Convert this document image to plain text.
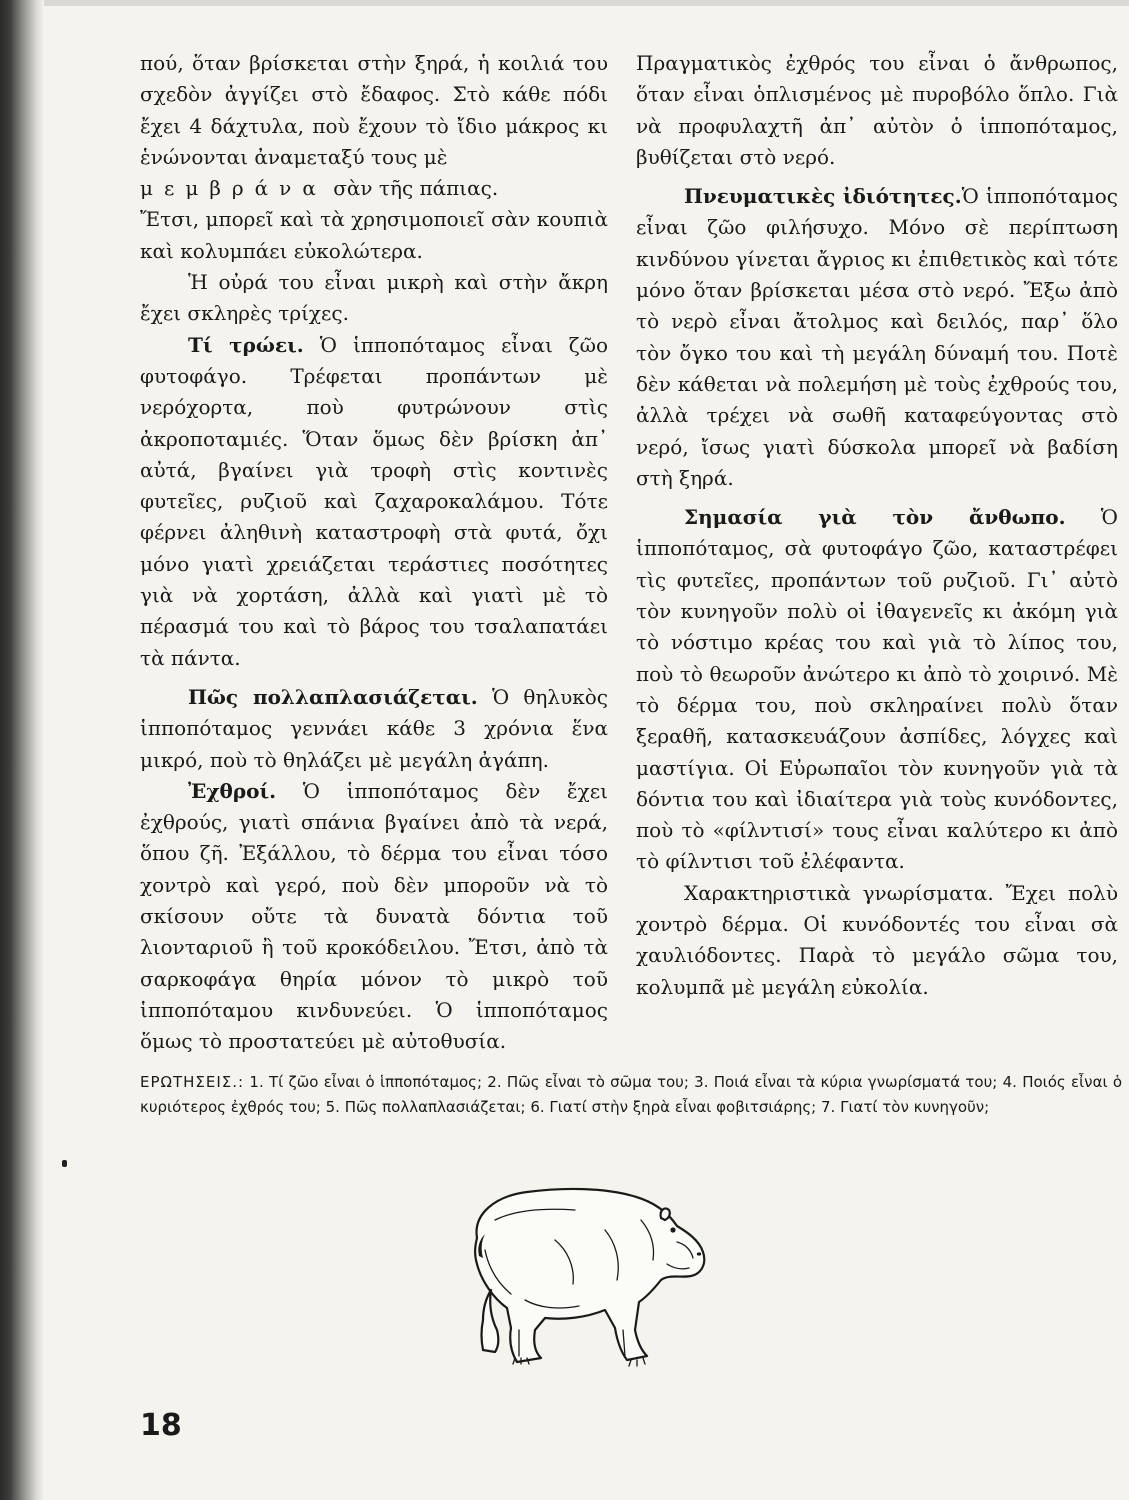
πού, ὅταν βρίσκεται στὴν ξηρά, ἡ κοιλιά του σχεδὸν ἀγγίζει στὸ ἔδαφος. Στὸ κάθε πόδι ἔχει 4 δάχτυλα, ποὺ ἔχουν τὸ ἴδιο μάκρος κι ἑνώνονται ἀναμεταξύ τους μὲ

μεμβράνα σὰν τῆς πάπιας.

Ἔτσι, μπορεῖ καὶ τὰ χρησιμοποιεῖ σὰν κουπιὰ καὶ κολυμπάει εὐκολώτερα.

Ἡ οὐρά του εἶναι μικρὴ καὶ στὴν ἄκρη ἔχει σκληρὲς τρίχες.

Τί τρώει. Ὁ ἱπποπόταμος εἶναι ζῶο φυτοφάγο. Τρέφεται προπάντων μὲ νερόχορτα, ποὺ φυτρώνουν στὶς ἀκροποταμιές. Ὅταν ὅμως δὲν βρίσκη ἀπ᾽ αὐτά, βγαίνει γιὰ τροφὴ στὶς κοντινὲς φυτεῖες, ρυζιοῦ καὶ ζαχαροκαλάμου. Τότε φέρνει ἀληθινὴ καταστροφὴ στὰ φυτά, ὄχι μόνο γιατὶ χρειάζεται τεράστιες ποσότητες γιὰ νὰ χορτάση, ἀλλὰ καὶ γιατὶ μὲ τὸ πέρασμά του καὶ τὸ βάρος του τσαλαπατάει τὰ πάντα.

Πῶς πολλαπλασιάζεται. Ὁ θηλυκὸς ἱπποπόταμος γεννάει κάθε 3 χρόνια ἕνα μικρό, ποὺ τὸ θηλάζει μὲ μεγάλη ἀγάπη.

Ἐχθροί. Ὁ ἱπποπόταμος δὲν ἔχει ἐχθρούς, γιατὶ σπάνια βγαίνει ἀπὸ τὰ νερά, ὅπου ζῆ. Ἐξάλλου, τὸ δέρμα του εἶναι τόσο χοντρὸ καὶ γερό, ποὺ δὲν μποροῦν νὰ τὸ σκίσουν οὔτε τὰ δυνατὰ δόντια τοῦ λιονταριοῦ ἢ τοῦ κροκόδειλου. Ἔτσι, ἀπὸ τὰ σαρκοφάγα θηρία μόνον τὸ μικρὸ τοῦ ἱπποπόταμου κινδυνεύει. Ὁ ἱπποπόταμος ὅμως τὸ προστατεύει μὲ αὐτοθυσία.

Πραγματικὸς ἐχθρός του εἶναι ὁ ἄνθρωπος, ὅταν εἶναι ὁπλισμένος μὲ πυροβόλο ὅπλο. Γιὰ νὰ προφυλαχτῆ ἀπ᾽ αὐτὸν ὁ ἱπποπόταμος, βυθίζεται στὸ νερό.

Πνευματικὲς ἰδιότητες.Ὁ ἱπποπόταμος εἶναι ζῶο φιλήσυχο. Μόνο σὲ περίπτωση κινδύνου γίνεται ἄγριος κι ἐπιθετικὸς καὶ τότε μόνο ὅταν βρίσκεται μέσα στὸ νερό. Ἔξω ἀπὸ τὸ νερὸ εἶναι ἄτολμος καὶ δειλός, παρ᾽ ὅλο τὸν ὄγκο του καὶ τὴ μεγάλη δύναμή του. Ποτὲ δὲν κάθεται νὰ πολεμήση μὲ τοὺς ἐχθρούς του, ἀλλὰ τρέχει νὰ σωθῆ καταφεύγοντας στὸ νερό, ἴσως γιατὶ δύσκολα μπορεῖ νὰ βαδίση στὴ ξηρά.

Σημασία γιὰ τὸν ἄνθωπο. Ὁ ἱπποπόταμος, σὰ φυτοφάγο ζῶο, καταστρέφει τὶς φυτεῖες, προπάντων τοῦ ρυζιοῦ. Γι᾽ αὐτὸ τὸν κυνηγοῦν πολὺ οἱ ἰθαγενεῖς κι ἀκόμη γιὰ τὸ νόστιμο κρέας του καὶ γιὰ τὸ λίπος του, ποὺ τὸ θεωροῦν ἀνώτερο κι ἀπὸ τὸ χοιρινό. Μὲ τὸ δέρμα του, ποὺ σκληραίνει πολὺ ὅταν ξεραθῆ, κατασκευάζουν ἀσπίδες, λόγχες καὶ μαστίγια. Οἱ Εὐρωπαῖοι τὸν κυνηγοῦν γιὰ τὰ δόντια του καὶ ἰδιαίτερα γιὰ τοὺς κυνόδοντες, ποὺ τὸ «φίλντισί» τους εἶναι καλύτερο κι ἀπὸ τὸ φίλντισι τοῦ ἐλέφαντα.

Χαρακτηριστικὰ γνωρίσματα. Ἔχει πολὺ χοντρὸ δέρμα. Οἱ κυνόδοντές του εἶναι σὰ χαυλιόδοντες. Παρὰ τὸ μεγάλο σῶμα του, κολυμπᾶ μὲ μεγάλη εὐκολία.

ΕΡΩΤΗΣΕΙΣ.: 1. Τί ζῶο εἶναι ὁ ἱπποπόταμος; 2. Πῶς εἶναι τὸ σῶμα του; 3. Ποιά εἶναι τὰ κύρια γνωρίσματά του; 4. Ποιός εἶναι ὁ κυριότερος ἐχθρός του; 5. Πῶς πολλαπλασιάζεται; 6. Γιατί στὴν ξηρὰ εἶναι φοβιτσιάρης; 7. Γιατί τὸν κυνηγοῦν;
18
